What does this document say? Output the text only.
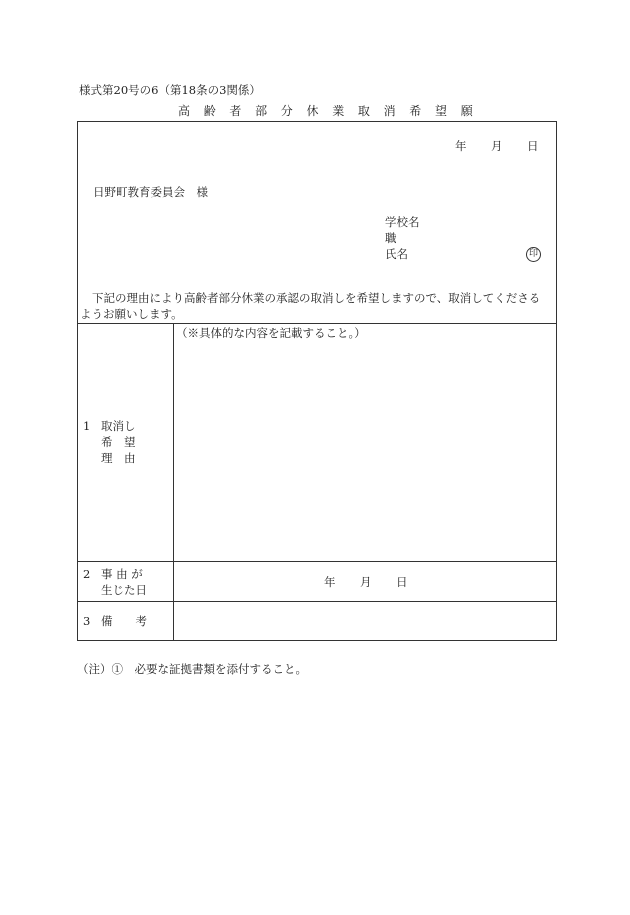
様式第20号の6（第18条の3関係）
高齢者部分休業取消希望願
年 月 日
日野町教育委員会　様
学校名
職
氏名	印
下記の理由により高齢者部分休業の承認の取消しを希望しますので、取消してくださる
ようお願いします。
1 取消し
希　望
理　由
（※具体的な内容を記載すること。）
2 事 由 が
生じた日
年 月 日
3 備　　考
（注）①　必要な証拠書類を添付すること。
